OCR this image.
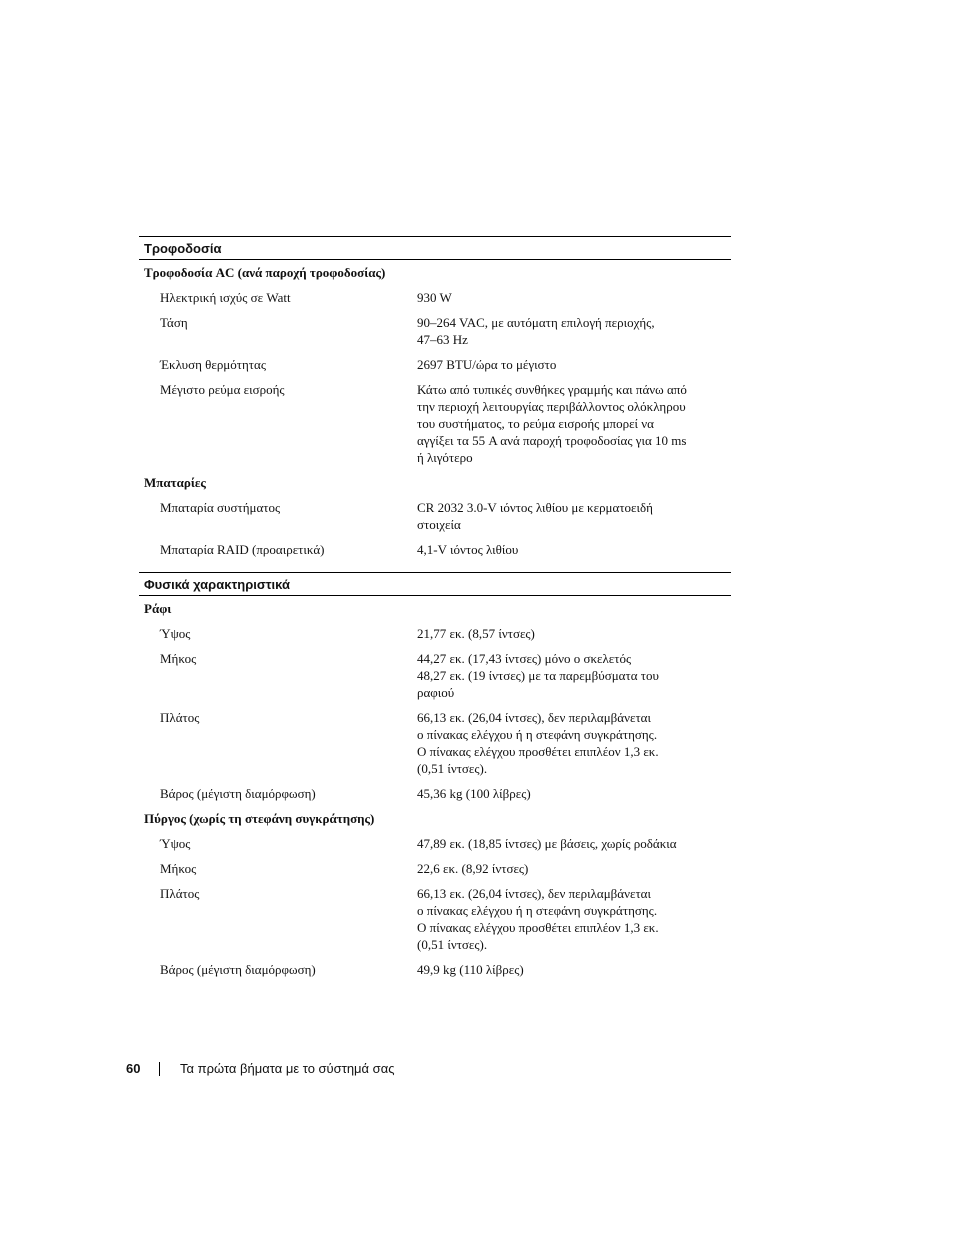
Τροφοδοσία
Τροφοδοσία AC (ανά παροχή τροφοδοσίας)
Ηλεκτρική ισχύς σε Watt	930 W
Τάση	90–264 VAC, με αυτόματη επιλογή περιοχής,
47–63 Hz
Έκλυση θερμότητας	2697 BTU/ώρα το μέγιστο
Μέγιστο ρεύμα εισροής	Κάτω από τυπικές συνθήκες γραμμής και πάνω από
την περιοχή λειτουργίας περιβάλλοντος ολόκληρου
του συστήματος, το ρεύμα εισροής μπορεί να
αγγίξει τα 55 A ανά παροχή τροφοδοσίας για 10 ms
ή λιγότερο
Μπαταρίες
Μπαταρία συστήματος	CR 2032 3.0-V ιόντος λιθίου με κερματοειδή
στοιχεία
Μπαταρία RAID (προαιρετικά)	4,1-V ιόντος λιθίου
Φυσικά χαρακτηριστικά
Ράφι
Ύψος	21,77 εκ. (8,57 ίντσες)
Μήκος	44,27 εκ. (17,43 ίντσες) μόνο ο σκελετός
48,27 εκ. (19 ίντσες) με τα παρεμβύσματα του
ραφιού
Πλάτος	66,13 εκ. (26,04 ίντσες), δεν περιλαμβάνεται
ο πίνακας ελέγχου ή η στεφάνη συγκράτησης.
Ο πίνακας ελέγχου προσθέτει επιπλέον 1,3 εκ.
(0,51 ίντσες).
Βάρος (μέγιστη διαμόρφωση)	45,36 kg (100 λίβρες)
Πύργος (χωρίς τη στεφάνη συγκράτησης)
Ύψος	47,89 εκ. (18,85 ίντσες) με βάσεις, χωρίς ροδάκια
Μήκος	22,6 εκ. (8,92 ίντσες)
Πλάτος	66,13 εκ. (26,04 ίντσες), δεν περιλαμβάνεται
ο πίνακας ελέγχου ή η στεφάνη συγκράτησης.
Ο πίνακας ελέγχου προσθέτει επιπλέον 1,3 εκ.
(0,51 ίντσες).
Βάρος (μέγιστη διαμόρφωση)	49,9 kg (110 λίβρες)
60	Τα πρώτα βήματα με το σύστημά σας
